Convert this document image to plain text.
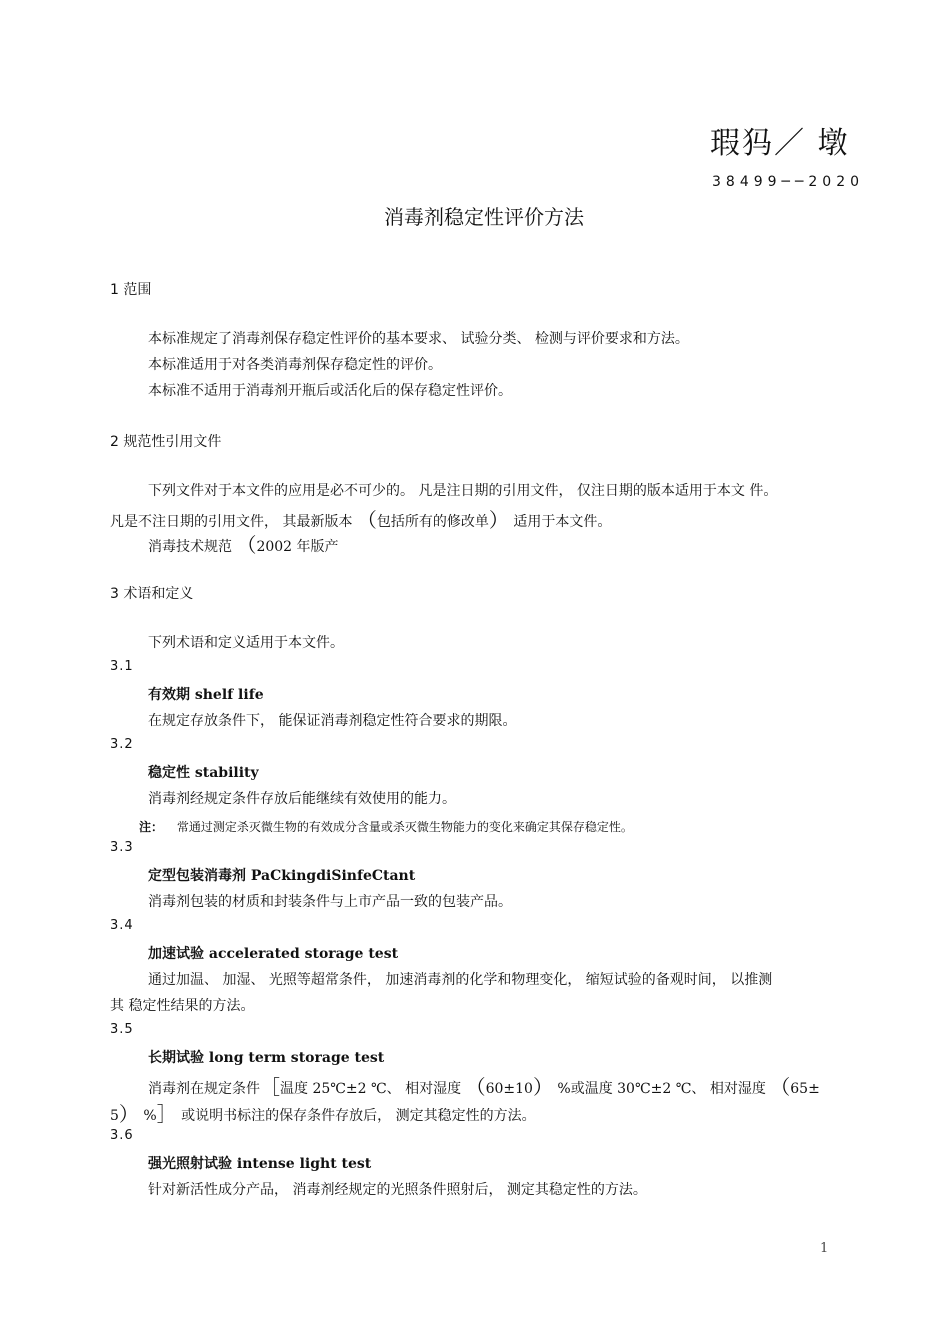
瑕犸／ 墩
38499──2020
消毒剂稳定性评价方法
1 范围
本标准规定了消毒剂保存稳定性评价的基本要求、 试验分类、 检测与评价要求和方法。
本标准适用于对各类消毒剂保存稳定性的评价。
本标准不适用于消毒剂开瓶后或活化后的保存稳定性评价。
2 规范性引用文件
下列文件对于本文件的应用是必不可少的。 凡是注日期的引用文件， 仅注日期的版本适用于本文 件。
凡是不注日期的引用文件， 其最新版本 （包括所有的修改单） 适用于本文件。
消毒技术规范 （2002 年版产
3 术语和定义
下列术语和定义适用于本文件。
3.1
有效期 shelf life
在规定存放条件下， 能保证消毒剂稳定性符合要求的期限。
3.2
稳定性 stability
消毒剂经规定条件存放后能继续有效使用的能力。
注： 常通过测定杀灭微生物的有效成分含量或杀灭微生物能力的变化来确定其保存稳定性。
3.3
定型包装消毒剂 PaCkingdiSinfeCtant
消毒剂包装的材质和封装条件与上市产品一致的包装产品。
3.4
加速试验 accelerated storage test
通过加温、 加湿、 光照等超常条件， 加速消毒剂的化学和物理变化， 缩短试验的备观时间， 以推测
其 稳定性结果的方法。
3.5
长期试验 long term storage test
消毒剂在规定条件［温度 25℃±2 ℃、 相对湿度 （60±10） %或温度 30℃±2 ℃、 相对湿度 （65±
5） %］ 或说明书标注的保存条件存放后， 测定其稳定性的方法。
3.6
强光照射试验 intense light test
针对新活性成分产品， 消毒剂经规定的光照条件照射后， 测定其稳定性的方法。
1
